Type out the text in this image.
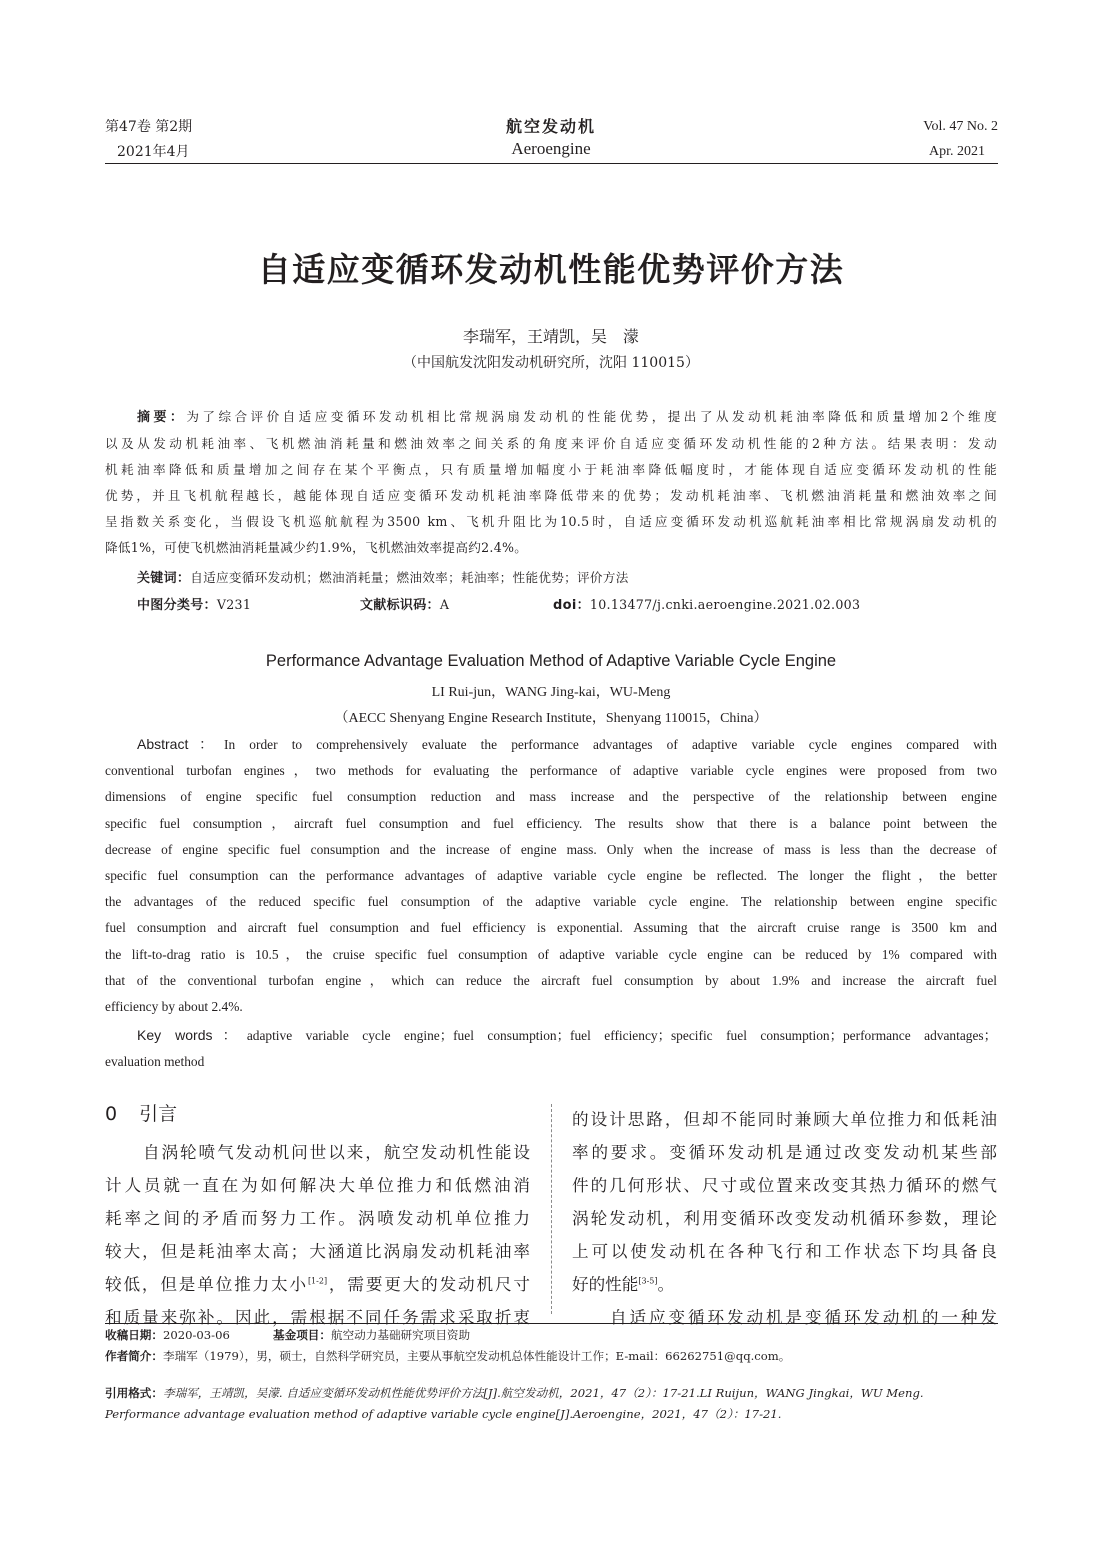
第47卷 第2期
2021年4月
航空发动机
Aeroengine
Vol. 47 No. 2
Apr. 2021
自适应变循环发动机性能优势评价方法
李瑞军，王靖凯，吴　濛
（中国航发沈阳发动机研究所，沈阳 110015）
摘要：为了综合评价自适应变循环发动机相比常规涡扇发动机的性能优势，提出了从发动机耗油率降低和质量增加2个维度
以及从发动机耗油率、飞机燃油消耗量和燃油效率之间关系的角度来评价自适应变循环发动机性能的2种方法。结果表明：发动
机耗油率降低和质量增加之间存在某个平衡点，只有质量增加幅度小于耗油率降低幅度时，才能体现自适应变循环发动机的性能
优势，并且飞机航程越长，越能体现自适应变循环发动机耗油率降低带来的优势；发动机耗油率、飞机燃油消耗量和燃油效率之间
呈指数关系变化，当假设飞机巡航航程为3500 km、飞机升阻比为10.5时，自适应变循环发动机巡航耗油率相比常规涡扇发动机的
降低1%，可使飞机燃油消耗量减少约1.9%，飞机燃油效率提高约2.4%。
关键词：自适应变循环发动机；燃油消耗量；燃油效率；耗油率；性能优势；评价方法
中图分类号：V231	文献标识码：A	doi：10.13477/j.cnki.aeroengine.2021.02.003
Performance Advantage Evaluation Method of Adaptive Variable Cycle Engine
LI Rui-jun，WANG Jing-kai，WU-Meng
（AECC Shenyang Engine Research Institute，Shenyang 110015，China）
Abstract：In order to comprehensively evaluate the performance advantages of adaptive variable cycle engines compared with
conventional turbofan engines，two methods for evaluating the performance of adaptive variable cycle engines were proposed from two
dimensions of engine specific fuel consumption reduction and mass increase and the perspective of the relationship between engine
specific fuel consumption，aircraft fuel consumption and fuel efficiency. The results show that there is a balance point between the
decrease of engine specific fuel consumption and the increase of engine mass. Only when the increase of mass is less than the decrease of
specific fuel consumption can the performance advantages of adaptive variable cycle engine be reflected. The longer the flight，the better
the advantages of the reduced specific fuel consumption of the adaptive variable cycle engine. The relationship between engine specific
fuel consumption and aircraft fuel consumption and fuel efficiency is exponential. Assuming that the aircraft cruise range is 3500 km and
the lift-to-drag ratio is 10.5，the cruise specific fuel consumption of adaptive variable cycle engine can be reduced by 1% compared with
that of the conventional turbofan engine，which can reduce the aircraft fuel consumption by about 1.9% and increase the aircraft fuel
efficiency by about 2.4%.
Key words：adaptive variable cycle engine；fuel consumption；fuel efficiency；specific fuel consumption；performance advantages；
evaluation method
0 引言
自涡轮喷气发动机问世以来，航空发动机性能设
计人员就一直在为如何解决大单位推力和低燃油消
耗率之间的矛盾而努力工作。涡喷发动机单位推力
较大，但是耗油率太高；大涵道比涡扇发动机耗油率
较低，但是单位推力太小[1-2]，需要更大的发动机尺寸
和质量来弥补。因此，需根据不同任务需求采取折衷
的设计思路，但却不能同时兼顾大单位推力和低耗油
率的要求。变循环发动机是通过改变发动机某些部
件的几何形状、尺寸或位置来改变其热力循环的燃气
涡轮发动机，利用变循环改变发动机循环参数，理论
上可以使发动机在各种飞行和工作状态下均具备良
好的性能[3-5]。
自适应变循环发动机是变循环发动机的一种发
收稿日期：2020-03-06	基金项目：航空动力基础研究项目资助
作者简介：李瑞军（1979），男，硕士，自然科学研究员，主要从事航空发动机总体性能设计工作；E-mail：66262751@qq.com。
引用格式：李瑞军，王靖凯，吴濛. 自适应变循环发动机性能优势评价方法[J].航空发动机，2021，47（2）：17-21.LI Ruijun，WANG Jingkai，WU Meng.
Performance advantage evaluation method of adaptive variable cycle engine[J].Aeroengine，2021，47（2）：17-21.
